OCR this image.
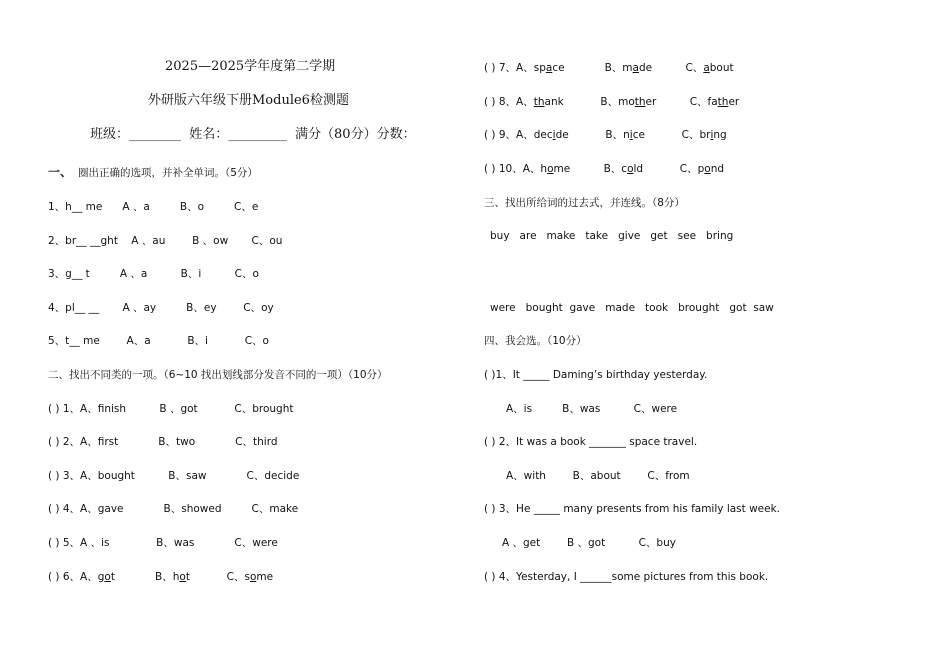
2025—2025学年度第二学期
外研版六年级下册Module6检测题
班级：________  姓名：_________  满分（80分）分数：
一、 圈出正确的选项，并补全单词。（5分）
1、h__ me      A 、a         B、o         C、e
2、br__ __ght    A 、au        B 、ow       C、ou
3、g__ t         A 、a          B、i          C、o
4、pl__ __       A 、ay         B、ey        C、oy
5、t__ me        A、a           B、i           C、o
二、找出不同类的一项。（6~10 找出划线部分发音不同的一项）（10分）
( ) 1、A、finish          B 、got           C、brought
( ) 2、A、first            B、two            C、third
( ) 3、A、bought          B、saw            C、decide
( ) 4、A、gave            B、showed         C、make
( ) 5、A 、is              B、was            C、were
( ) 6、A、got            B、hot           C、some
( ) 7、A、space            B、made          C、about
( ) 8、A、thank           B、mother          C、father
( ) 9、A、decide           B、nice           C、bring
( ) 10、A、home          B、cold           C、pond
三、找出所给词的过去式，并连线。（8分）
buy   are   make   take   give   get   see   bring
were   bought  gave   made   took   brought   got  saw
四、我会选。（10分）
( )1、It _____ Daming’s birthday yesterday.
A、is         B、was          C、were
( ) 2、It was a book _______ space travel.
A、with        B、about        C、from
( ) 3、He _____ many presents from his family last week.
A 、get        B 、got          C、buy
( ) 4、Yesterday, I ______some pictures from this book.
